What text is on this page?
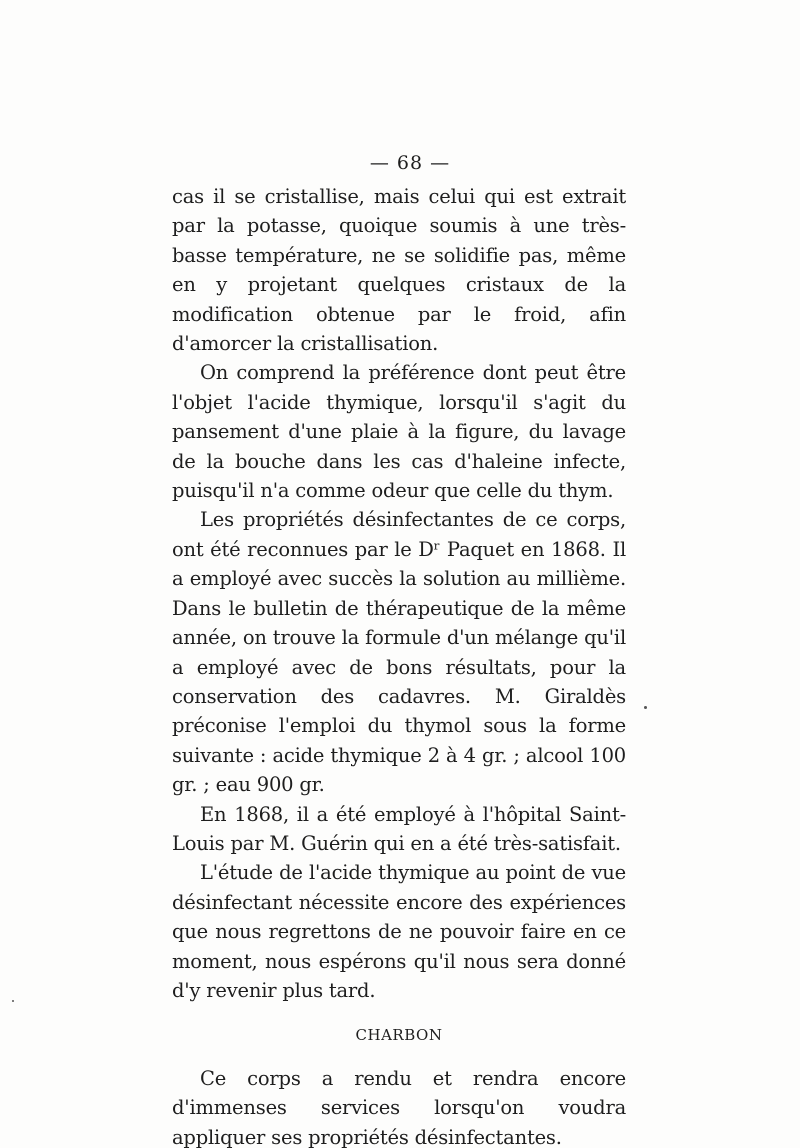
— 68 —

cas il se cristallise, mais celui qui est extrait par la potasse, quoique soumis à une très-basse température, ne se solidifie pas, même en y projetant quelques cristaux de la modification obtenue par le froid, afin d'amorcer la cristallisation.

On comprend la préférence dont peut être l'objet l'acide thymique, lorsqu'il s'agit du pansement d'une plaie à la figure, du lavage de la bouche dans les cas d'haleine infecte, puisqu'il n'a comme odeur que celle du thym.

Les propriétés désinfectantes de ce corps, ont été reconnues par le Dʳ Paquet en 1868. Il a employé avec succès la solution au millième. Dans le bulletin de thérapeutique de la même année, on trouve la formule d'un mélange qu'il a employé avec de bons résultats, pour la conservation des cadavres. M. Giraldès préconise l'emploi du thymol sous la forme suivante : acide thymique 2 à 4 gr. ; alcool 100 gr. ; eau 900 gr.

En 1868, il a été employé à l'hôpital Saint-Louis par M. Guérin qui en a été très-satisfait.

L'étude de l'acide thymique au point de vue désinfectant nécessite encore des expériences que nous regrettons de ne pouvoir faire en ce moment, nous espérons qu'il nous sera donné d'y revenir plus tard.

CHARBON

Ce corps a rendu et rendra encore d'immenses services lorsqu'on voudra appliquer ses propriétés désinfectantes.
